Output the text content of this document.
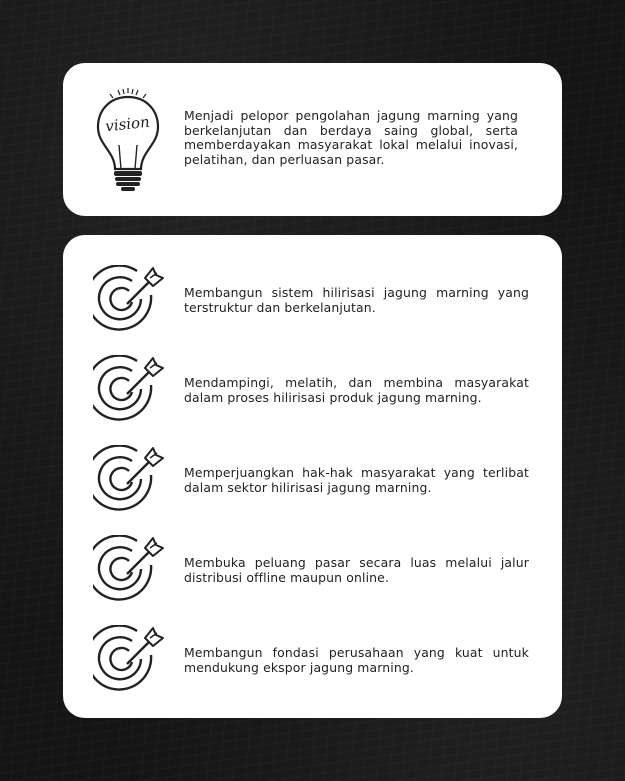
vision	Menjadi pelopor pengolahan jagung marning yang berkelanjutan dan berdaya saing global, serta memberdayakan masyarakat lokal melalui inovasi, pelatihan, dan perluasan pasar.
Membangun sistem hilirisasi jagung marning yang terstruktur dan berkelanjutan.
Mendampingi, melatih, dan membina masyarakat dalam proses hilirisasi produk jagung marning.
Memperjuangkan hak-hak masyarakat yang terlibat dalam sektor hilirisasi jagung marning.
Membuka peluang pasar secara luas melalui jalur distribusi offline maupun online.
Membangun fondasi perusahaan yang kuat untuk mendukung ekspor jagung marning.
